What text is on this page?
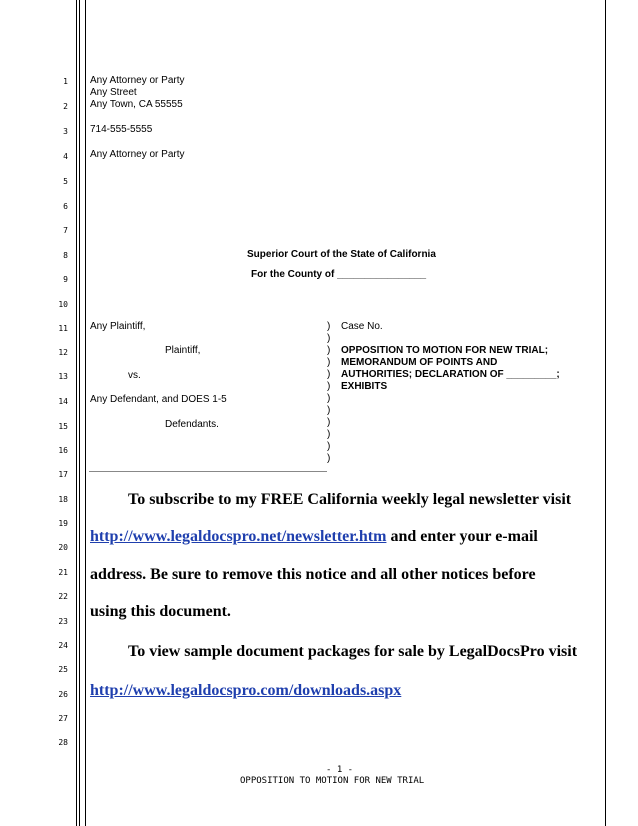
1
2
3
4
5
6
7
8
9
10
11
12
13
14
15
16
17
18
19
20
21
22
23
24
25
26
27
28
Any Attorney or Party
Any Street
Any Town, CA 55555
714-555-5555
Any Attorney or Party
Superior Court of the State of California
For the County of ________________
Any Plaintiff,
Plaintiff,
vs.
Any Defendant, and DOES 1-5
Defendants.
)
)
)
)
)
)
)
)
)
)
)
)
Case No.
OPPOSITION TO MOTION FOR NEW TRIAL;
MEMORANDUM OF POINTS AND
AUTHORITIES; DECLARATION OF _________;
EXHIBITS
To subscribe to my FREE California weekly legal newsletter visit
http://www.legaldocspro.net/newsletter.htm and enter your e-mail
address. Be sure to remove this notice and all other notices before
using this document.
To view sample document packages for sale by LegalDocsPro visit
http://www.legaldocspro.com/downloads.aspx
- 1 -
OPPOSITION TO MOTION FOR NEW TRIAL
